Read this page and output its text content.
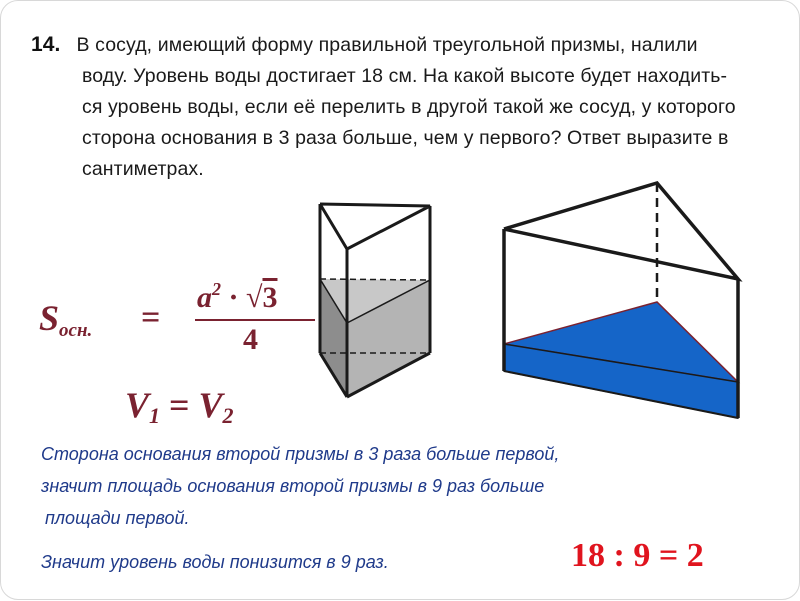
14. В сосуд, имеющий форму правильной треугольной призмы, налили
воду. Уровень воды достигает 18 см. На какой высоте будет находить-
ся уровень воды, если её перелить в другой такой же сосуд, у которого
сторона основания в 3 раза больше, чем у первого? Ответ выразите в
сантиметрах.
$S_{осн.}$ =
$a^2 \cdot √3$
4
$V_1 = V_2$
Сторона основания второй призмы в 3 раза больше первой,
значит площадь основания второй призмы в 9 раз больше
площади первой.
Значит уровень воды понизится в 9 раз.	18 : 9 = 2
